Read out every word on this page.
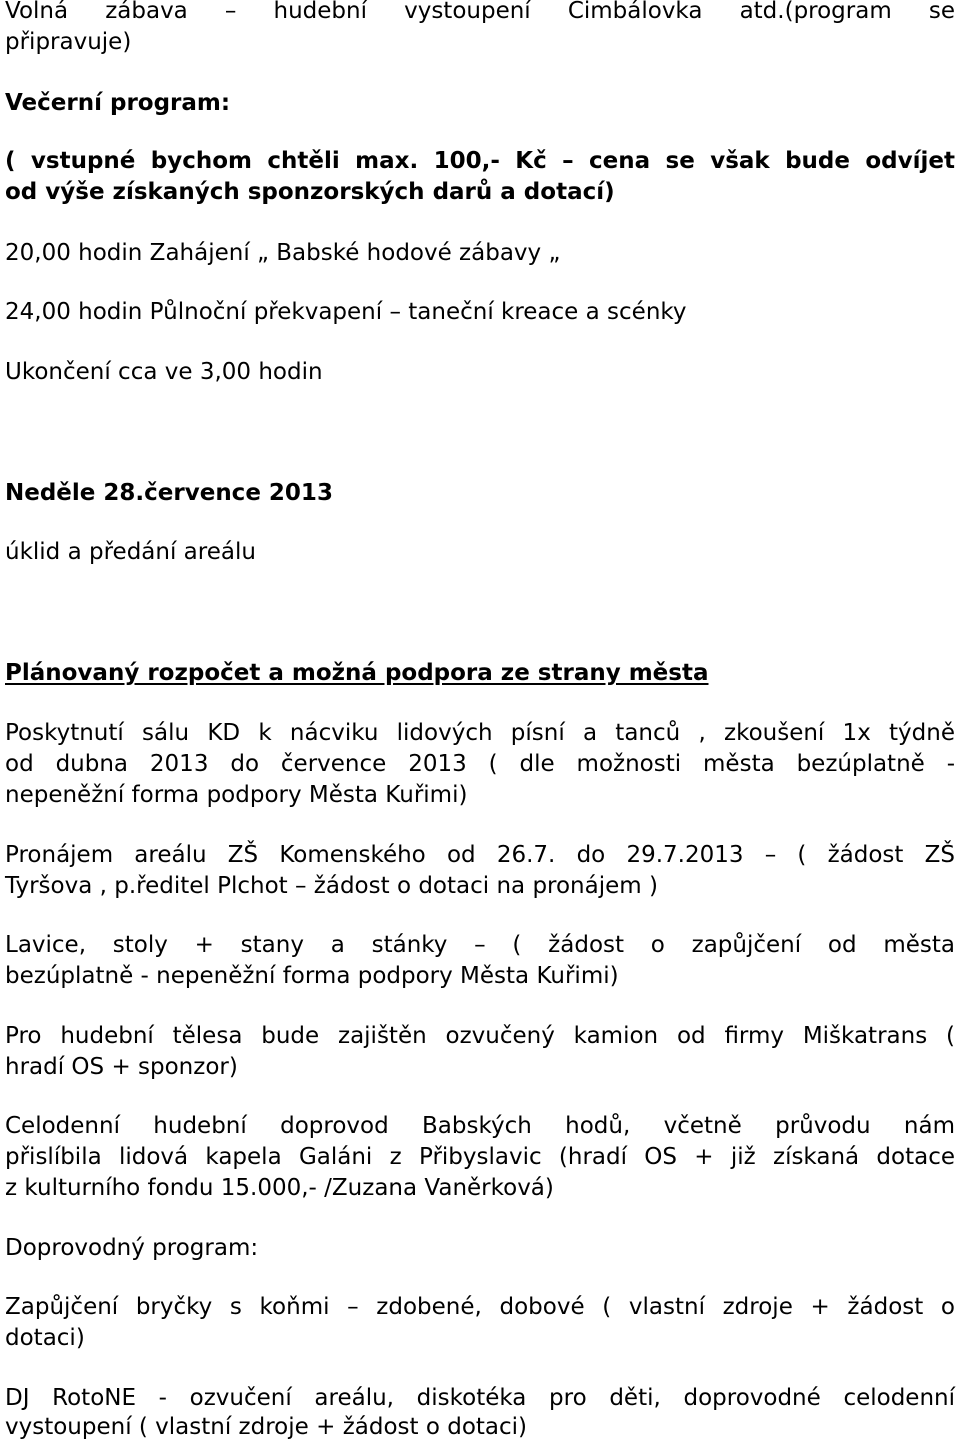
Volná zábava – hudební vystoupení Cimbálovka atd.(program se

připravuje)

Večerní program:

( vstupné bychom chtěli max. 100,- Kč – cena se však bude odvíjet

od výše získaných sponzorských darů a dotací)

20,00 hodin Zahájení „ Babské hodové zábavy „

24,00 hodin Půlnoční překvapení – taneční kreace a scénky

Ukončení cca ve 3,00 hodin

Neděle 28.července 2013

úklid a předání areálu

Plánovaný rozpočet a možná podpora ze strany města

Poskytnutí sálu KD k nácviku lidových písní a tanců , zkoušení 1x týdně

od dubna 2013 do července 2013 ( dle možnosti města bezúplatně -

nepeněžní forma podpory Města Kuřimi)

Pronájem areálu ZŠ Komenského od 26.7. do 29.7.2013 – ( žádost ZŠ

Tyršova , p.ředitel Plchot – žádost o dotaci na pronájem )

Lavice, stoly + stany a stánky – ( žádost o zapůjčení od města

bezúplatně - nepeněžní forma podpory Města Kuřimi)

Pro hudební tělesa bude zajištěn ozvučený kamion od firmy Miškatrans (

hradí OS + sponzor)

Celodenní hudební doprovod Babských hodů, včetně průvodu nám

přislíbila lidová kapela Galáni z Přibyslavic (hradí OS + již získaná dotace

z kulturního fondu 15.000,- /Zuzana Vaněrková)

Doprovodný program:

Zapůjčení bryčky s koňmi – zdobené, dobové ( vlastní zdroje + žádost o

dotaci)

DJ RotoNE - ozvučení areálu, diskotéka pro děti, doprovodné celodenní

vystoupení ( vlastní zdroje + žádost o dotaci)
